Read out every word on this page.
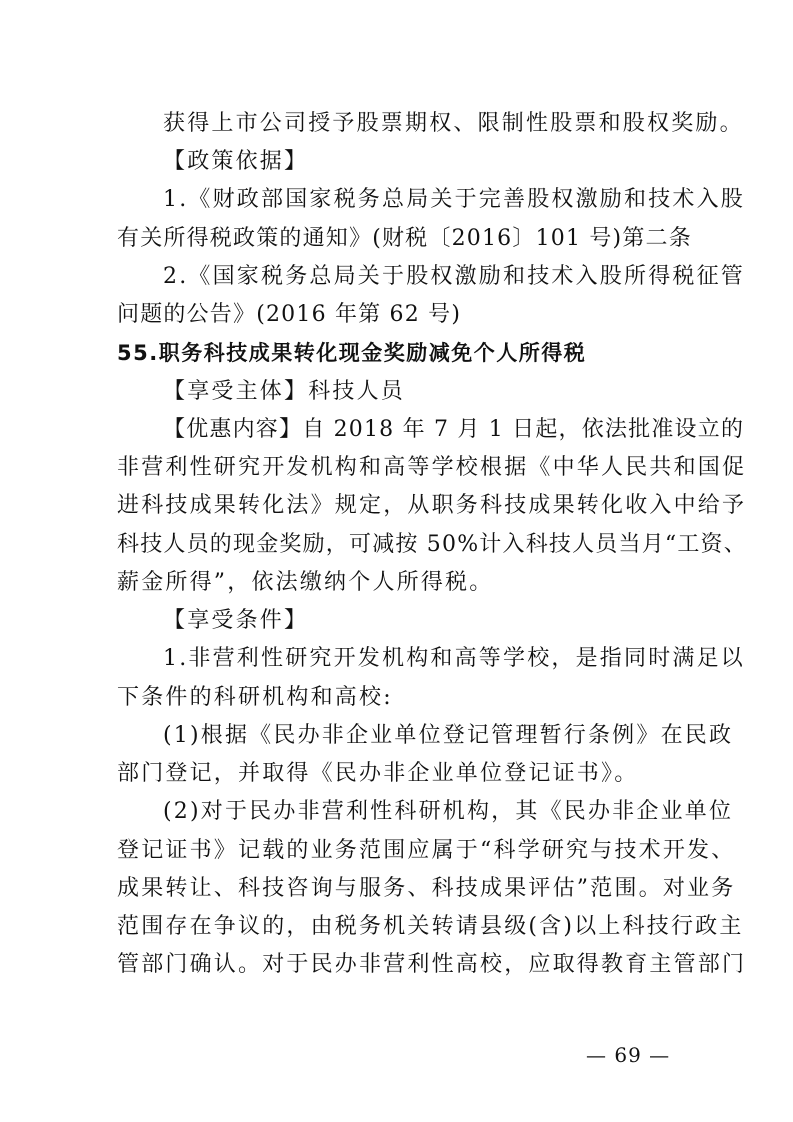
获得上市公司授予股票期权、限制性股票和股权奖励。
【政策依据】
1.《财政部国家税务总局关于完善股权激励和技术入股
有关所得税政策的通知》(财税〔2016〕101 号)第二条
2.《国家税务总局关于股权激励和技术入股所得税征管
问题的公告》(2016 年第 62 号)
55.职务科技成果转化现金奖励减免个人所得税
【享受主体】科技人员
【优惠内容】自 2018 年 7 月 1 日起，依法批准设立的
非营利性研究开发机构和高等学校根据《中华人民共和国促
进科技成果转化法》规定，从职务科技成果转化收入中给予
科技人员的现金奖励，可减按 50%计入科技人员当月“工资、
薪金所得”，依法缴纳个人所得税。
【享受条件】
1.非营利性研究开发机构和高等学校，是指同时满足以
下条件的科研机构和高校:
(1)根据《民办非企业单位登记管理暂行条例》在民政
部门登记，并取得《民办非企业单位登记证书》。
(2)对于民办非营利性科研机构，其《民办非企业单位
登记证书》记载的业务范围应属于“科学研究与技术开发、
成果转让、科技咨询与服务、科技成果评估”范围。对业务
范围存在争议的，由税务机关转请县级(含)以上科技行政主
管部门确认。对于民办非营利性高校，应取得教育主管部门
— 69 —
